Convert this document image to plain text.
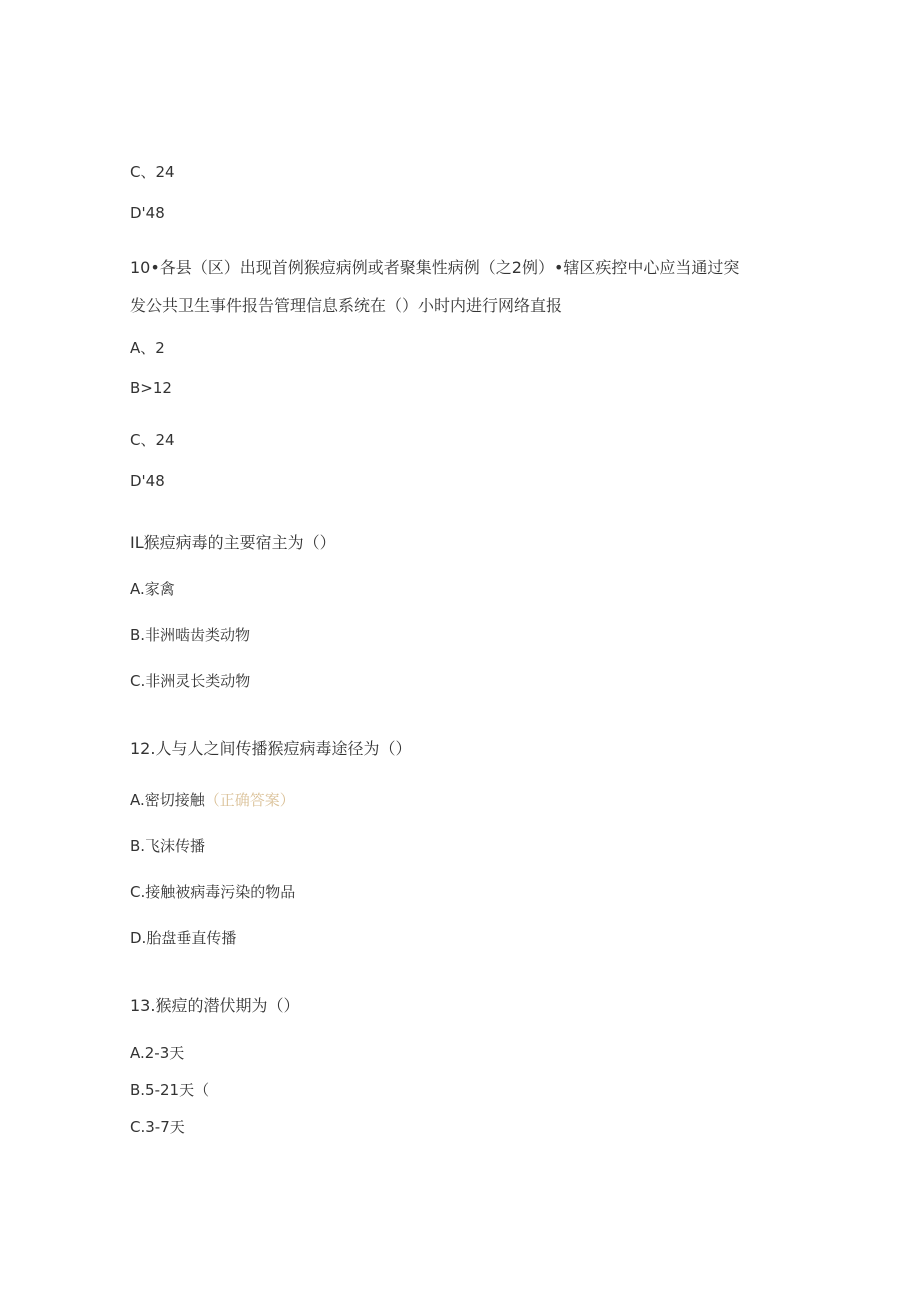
C、24
D'48
10•各县（区）出现首例猴痘病例或者聚集性病例（之2例）•辖区疾控中心应当通过突
发公共卫生事件报告管理信息系统在（）小时内进行网络直报
A、2
B>12
C、24
D'48
IL猴痘病毒的主要宿主为（）
A.家禽
B.非洲啮齿类动物
C.非洲灵长类动物
12.人与人之间传播猴痘病毒途径为（）
A.密切接触（正确答案）
B.飞沫传播
C.接触被病毒污染的物品
D.胎盘垂直传播
13.猴痘的潜伏期为（）
A.2-3天
B.5-21天（
C.3-7天
